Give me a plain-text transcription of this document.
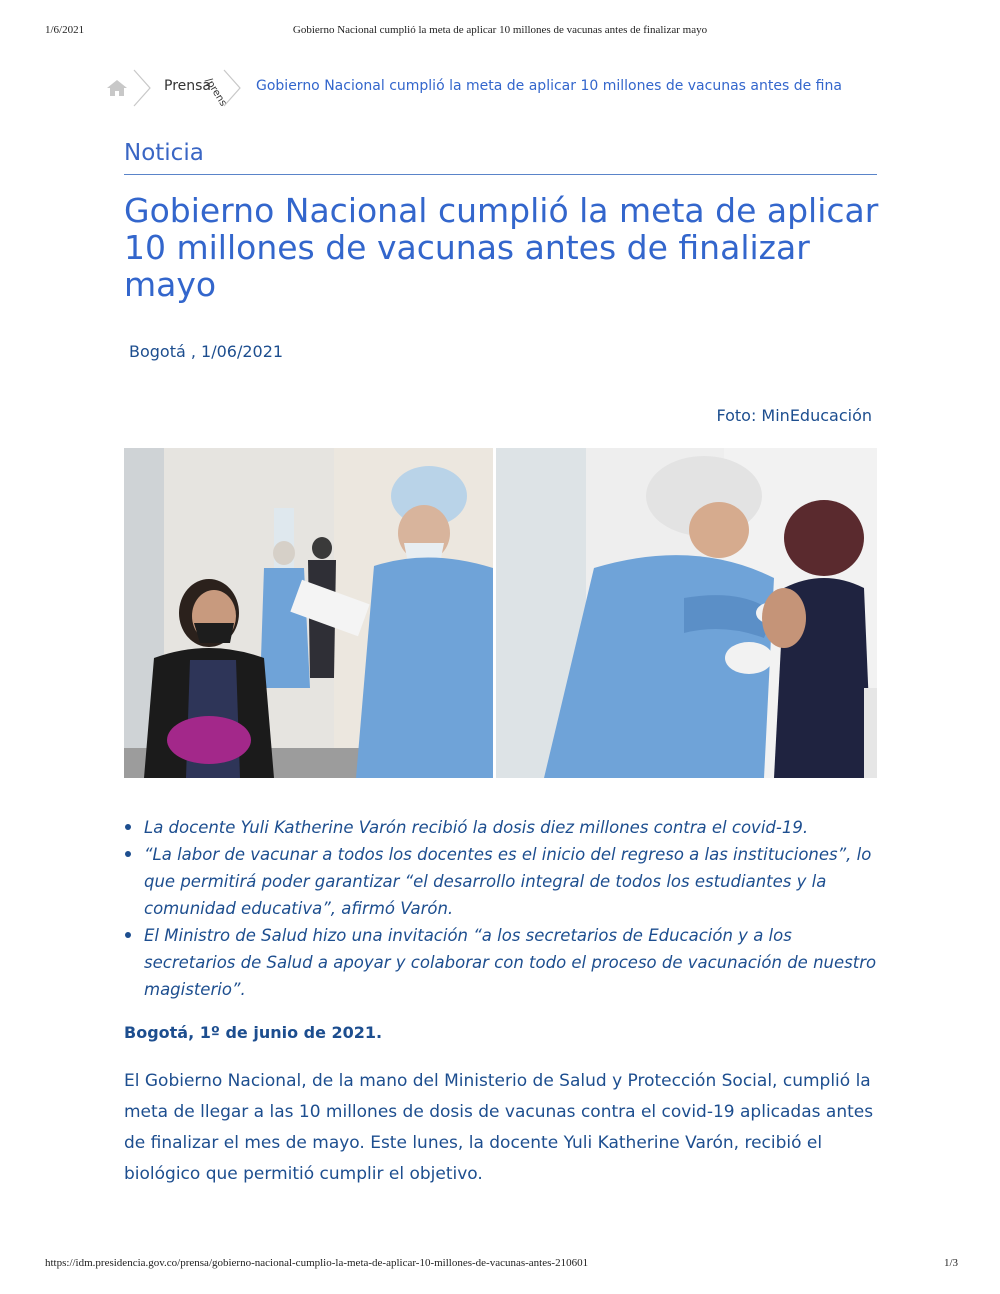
1/6/2021	Gobierno Nacional cumplió la meta de aplicar 10 millones de vacunas antes de finalizar mayo
Prensa
/prens Gobierno Nacional cumplió la meta de aplicar 10 millones de vacunas antes de fina
Noticia
Gobierno Nacional cumplió la meta de aplicar 10 millones de vacunas antes de finalizar mayo
Bogotá , 1/06/2021
Foto: MinEducación
La docente Yuli Katherine Varón recibió la dosis diez millones contra el covid-19.
“La labor de vacunar a todos los docentes es el inicio del regreso a las instituciones”, lo que permitirá poder garantizar “el desarrollo integral de todos los estudiantes y la comunidad educativa”, afirmó Varón.
El Ministro de Salud hizo una invitación “a los secretarios de Educación y a los secretarios de Salud a apoyar y colaborar con todo el proceso de vacunación de nuestro magisterio”.
Bogotá, 1º de junio de 2021.

El Gobierno Nacional, de la mano del Ministerio de Salud y Protección Social, cumplió la meta de llegar a las 10 millones de dosis de vacunas contra el covid-19 aplicadas antes de finalizar el mes de mayo. Este lunes, la docente Yuli Katherine Varón, recibió el biológico que permitió cumplir el objetivo.

https://idm.presidencia.gov.co/prensa/gobierno-nacional-cumplio-la-meta-de-aplicar-10-millones-de-vacunas-antes-210601	1/3
